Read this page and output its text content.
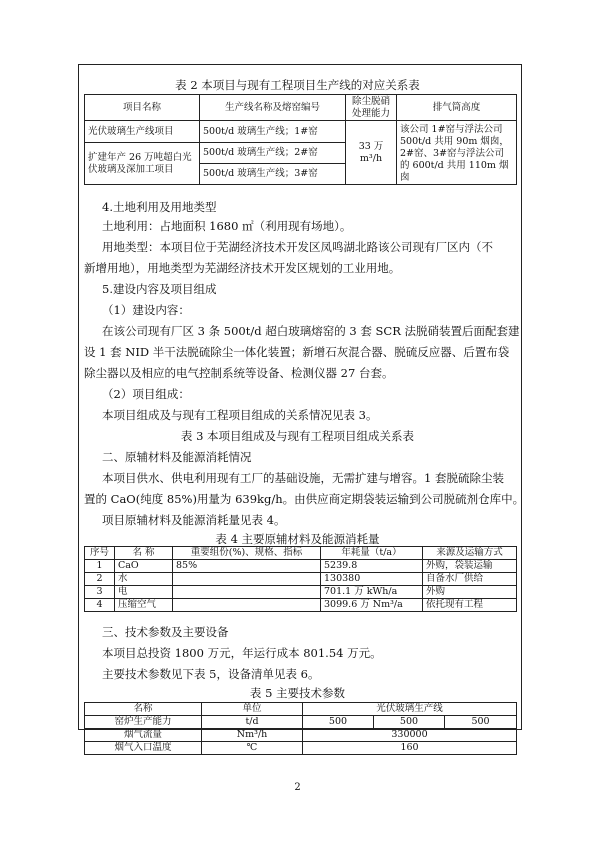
表 2 本项目与现有工程项目生产线的对应关系表
项目名称	生产线名称及熔窑编号	除尘脱硝处理能力	排气筒高度
光伏玻璃生产线项目	500t/d 玻璃生产线；1#窑	33 万 m³/h	该公司 1#窑与浮法公司 500t/d 共用 90m 烟囱，2#窑、3#窑与浮法公司的 600t/d 共用 110m 烟囱
扩建年产 26 万吨超白光伏玻璃及深加工项目	500t/d 玻璃生产线；2#窑		
	500t/d 玻璃生产线；3#窑		
4.土地利用及用地类型
土地利用：占地面积 1680 ㎡（利用现有场地）。
用地类型：本项目位于芜湖经济技术开发区凤鸣湖北路该公司现有厂区内（不
新增用地），用地类型为芜湖经济技术开发区规划的工业用地。
5.建设内容及项目组成
（1）建设内容：
在该公司现有厂区 3 条 500t/d 超白玻璃熔窑的 3 套 SCR 法脱硝装置后面配套建
设 1 套 NID 半干法脱硫除尘一体化装置；新增石灰混合器、脱硫反应器、后置布袋
除尘器以及相应的电气控制系统等设备、检测仪器 27 台套。
（2）项目组成：
本项目组成及与现有工程项目组成的关系情况见表 3。
表 3 本项目组成及与现有工程项目组成关系表
二、原辅材料及能源消耗情况
本项目供水、供电利用现有工厂的基础设施，无需扩建与增容。1 套脱硫除尘装
置的 CaO(纯度 85%)用量为 639kg/h。由供应商定期袋装运输到公司脱硫剂仓库中。
项目原辅材料及能源消耗量见表 4。
表 4 主要原辅材料及能源消耗量
序号	名 称	重要组份(%)、规格、指标	年耗量（t/a）	来源及运输方式
1	CaO	85%	5239.8	外购，袋装运输
2	水		130380	自备水厂供给
3	电		701.1 万 kWh/a	外购
4	压缩空气		3099.6 万 Nm³/a	依托现有工程
三、技术参数及主要设备
本项目总投资 1800 万元，年运行成本 801.54 万元。
主要技术参数见下表 5，设备清单见表 6。
表 5 主要技术参数
名称	单位	光伏玻璃生产线		
窑炉生产能力	t/d	500	500	500
烟气流量	Nm³/h	330000		
烟气入口温度	℃	160		
2
